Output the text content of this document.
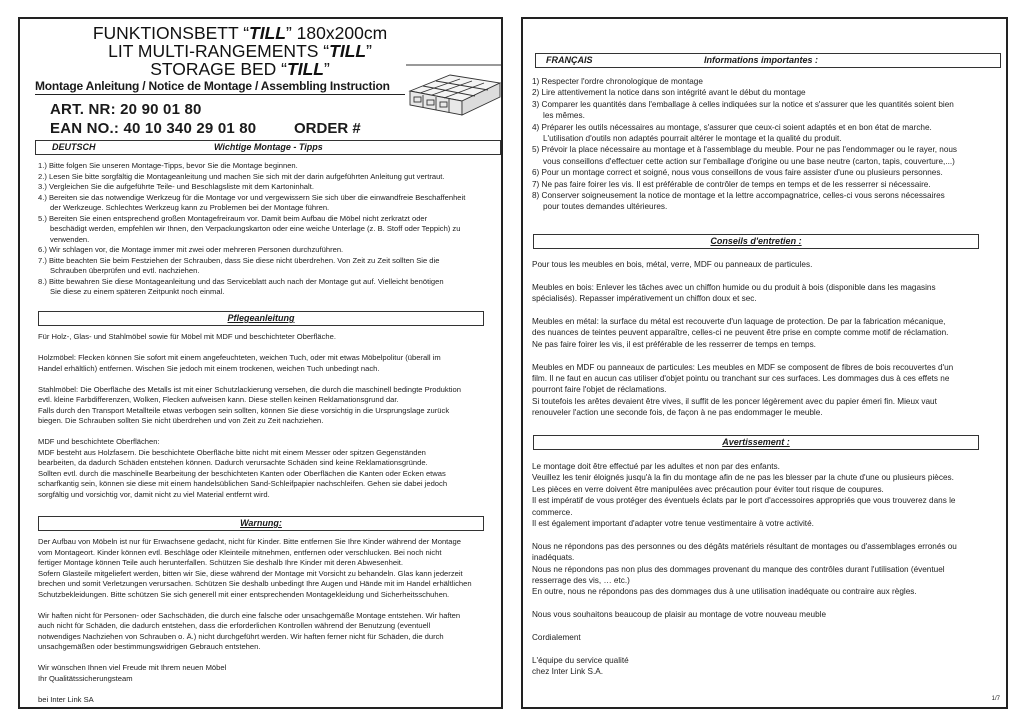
FUNKTIONSBETT “TILL” 180x200cm
LIT MULTI-RANGEMENTS “TILL”
STORAGE BED “TILL”
Montage Anleitung / Notice de Montage / Assembling Instruction
ART. NR: 20 90 01 80
EAN NO.: 40 10 340 29 01 80	ORDER #
DEUTSCH	Wichtige Montage - Tipps

1.) Bitte folgen Sie unseren Montage-Tipps, bevor Sie die Montage beginnen.

2.) Lesen Sie bitte sorgfältig die Montageanleitung und machen Sie sich mit der darin aufgeführten Anleitung gut vertraut.

3.) Vergleichen Sie die aufgeführte Teile- und Beschlagsliste mit dem Kartoninhalt.

4.) Bereiten sie das notwendige Werkzeug für die Montage vor und vergewissern Sie sich über die einwandfreie Beschaffenheit

der Werkzeuge. Schlechtes Werkzeug kann zu Problemen bei der Montage führen.

5.) Bereiten Sie einen entsprechend großen Montagefreiraum vor. Damit beim Aufbau die Möbel nicht zerkratzt oder

beschädigt werden, empfehlen wir Ihnen, den Verpackungskarton oder eine weiche Unterlage (z. B. Stoff oder Teppich) zu

verwenden.

6.) Wir schlagen vor, die Montage immer mit zwei oder mehreren Personen durchzuführen.

7.) Bitte beachten Sie beim Festziehen der Schrauben, dass Sie diese nicht überdrehen. Von Zeit zu Zeit sollten Sie die

Schrauben überprüfen und evtl. nachziehen.

8.) Bitte bewahren Sie diese Montageanleitung und das Serviceblatt auch nach der Montage gut auf. Vielleicht benötigen

Sie diese zu einem späteren Zeitpunkt noch einmal.

Pflegeanleitung

Für Holz-, Glas- und Stahlmöbel sowie für Möbel mit MDF und beschichteter Oberfläche.

Holzmöbel: Flecken können Sie sofort mit einem angefeuchteten, weichen Tuch, oder mit etwas Möbelpolitur (überall im

Handel erhältlich) entfernen. Wischen Sie jedoch mit einem trockenen, weichen Tuch unbedingt nach.

Stahlmöbel: Die Oberfläche des Metalls ist mit einer Schutzlackierung versehen, die durch die maschinell bedingte Produktion

evtl. kleine Farbdifferenzen, Wolken, Flecken aufweisen kann. Diese stellen keinen Reklamationsgrund dar.

Falls durch den Transport Metallteile etwas verbogen sein sollten, können Sie diese vorsichtig in die Ursprungslage zurück

biegen. Die Schrauben sollten Sie nicht überdrehen und von Zeit zu Zeit nachziehen.

MDF und beschichtete Oberflächen:

MDF besteht aus Holzfasern. Die beschichtete Oberfläche bitte nicht mit einem Messer oder spitzen Gegenständen

bearbeiten, da dadurch Schäden entstehen können. Dadurch verursachte Schäden sind keine Reklamationsgründe.

Sollten evtl. durch die maschinelle Bearbeitung der beschichteten Kanten oder Oberflächen die Kanten oder Ecken etwas

scharfkantig sein, können sie diese mit einem handelsüblichen Sand-Schleifpapier nachschleifen. Gehen sie dabei jedoch

sorgfältig und vorsichtig vor, damit nicht zu viel Material entfernt wird.

Warnung:

Der Aufbau von Möbeln ist nur für Erwachsene gedacht, nicht für Kinder. Bitte entfernen Sie Ihre Kinder während der Montage

vom Montageort. Kinder können evtl. Beschläge oder Kleinteile mitnehmen, entfernen oder verschlucken. Bei noch nicht

fertiger Montage können Teile auch herunterfallen. Schützen Sie deshalb Ihre Kinder mit deren Abwesenheit.

Sofern Glasteile mitgeliefert werden, bitten wir Sie, diese während der Montage mit Vorsicht zu behandeln. Glas kann jederzeit

brechen und somit Verletzungen verursachen. Schützen Sie deshalb unbedingt Ihre Augen und Hände mit im Handel erhältlichen

Schutzbekleidungen. Bitte schützen Sie sich generell mit einer entsprechenden Montagekleidung und Sicherheitsschuhen.

Wir haften nicht für Personen- oder Sachschäden, die durch eine falsche oder unsachgemäße Montage entstehen. Wir haften

auch nicht für Schäden, die dadurch entstehen, dass die erforderlichen Kontrollen während der Benutzung (eventuell

notwendiges Nachziehen von Schrauben o. Ä.) nicht durchgeführt werden. Wir haften ferner nicht für Schäden, die durch

unsachgemäßen oder bestimmungswidrigen Gebrauch entstehen.

Wir wünschen Ihnen viel Freude mit Ihrem neuen Möbel

Ihr Qualitätssicherungsteam

bei Inter Link SA

FRANÇAIS	Informations importantes :

1) Respecter l'ordre chronologique de montage

2) Lire attentivement la notice dans son intégrité avant le début du montage

3) Comparer les quantités dans l'emballage à celles indiquées sur la notice et s'assurer que les quantités soient bien

les mêmes.

4) Préparer les outils nécessaires au montage, s'assurer que ceux-ci soient adaptés et en bon état de marche.

L'utilisation d'outils non adaptés pourrait altérer le montage et la qualité du produit.

5) Prévoir la place nécessaire au montage et à l'assemblage du meuble. Pour ne pas l'endommager ou le rayer, nous

vous conseillons d'effectuer cette action sur l'emballage d'origine ou une base neutre (carton, tapis, couverture,...)

6) Pour un montage correct et soigné, nous vous conseillons de vous faire assister d'une ou plusieurs personnes.

7) Ne pas faire foirer les vis. Il est préférable de contrôler de temps en temps et de les resserrer si nécessaire.

8) Conserver soigneusement la notice de montage et la lettre accompagnatrice, celles-ci vous serons nécessaires

pour toutes demandes ultérieures.

Conseils d'entretien :

Pour tous les meubles en bois, métal, verre, MDF ou panneaux de particules.

Meubles en bois: Enlever les tâches avec un chiffon humide ou du produit à bois (disponible dans les magasins

spécialisés). Repasser impérativement un chiffon doux et sec.

Meubles en métal: la surface du métal est recouverte d'un laquage de protection. De par la fabrication mécanique,

des nuances de teintes peuvent apparaître, celles-ci ne peuvent être prise en compte comme motif de réclamation.

Ne pas faire foirer les vis, il est préférable de les resserrer de temps en temps.

Meubles en MDF ou panneaux de particules: Les meubles en MDF se composent de fibres de bois recouvertes d'un

film. Il ne faut en aucun cas utiliser d'objet pointu ou tranchant sur ces surfaces. Les dommages dus à ces effets ne

pourront faire l'objet de réclamations.

Si toutefois les arêtes devaient être vives, il suffit de les poncer légèrement avec du papier émeri fin. Mieux vaut

renouveler l'action une seconde fois, de façon à ne pas endommager le meuble.

Avertissement :

Le montage doit être effectué par les adultes et non par des enfants.

Veuillez les tenir éloignés jusqu'à la fin du montage afin de ne pas les blesser par la chute d'une ou plusieurs pièces.

Les pièces en verre doivent être manipulées avec précaution pour éviter tout risque de coupures.

Il est impératif de vous protéger des éventuels éclats par le port d'accessoires appropriés que vous trouverez dans le

commerce.

Il est également important d'adapter votre tenue vestimentaire à votre activité.

Nous ne répondons pas des personnes ou des dégâts matériels résultant de montages ou d'assemblages erronés ou

inadéquats.

Nous ne répondons pas non plus des dommages provenant du manque des contrôles durant l'utilisation (éventuel

resserrage des vis, … etc.)

En outre, nous ne répondons pas des dommages dus à une utilisation inadéquate ou contraire aux règles.

Nous vous souhaitons beaucoup de plaisir au montage de votre nouveau meuble

Cordialement

L'équipe du service qualité

chez Inter Link S.A.

1/7
